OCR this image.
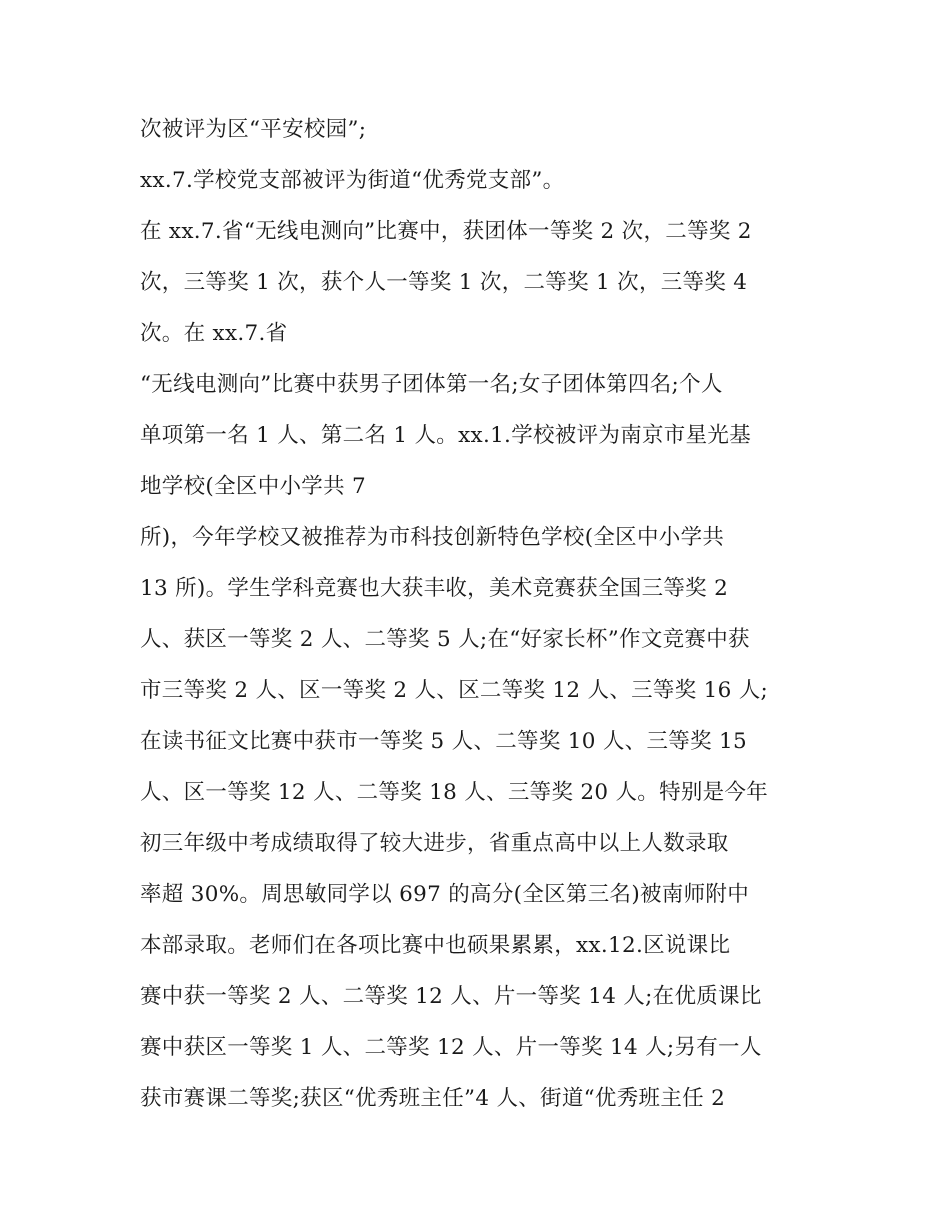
次被评为区“平安校园”;
xx.7.学校党支部被评为街道“优秀党支部”。
在 xx.7.省“无线电测向”比赛中，获团体一等奖 2 次，二等奖 2
次，三等奖 1 次，获个人一等奖 1 次，二等奖 1 次，三等奖 4
次。在 xx.7.省
“无线电测向”比赛中获男子团体第一名;女子团体第四名;个人
单项第一名 1 人、第二名 1 人。xx.1.学校被评为南京市星光基
地学校(全区中小学共 7
所)，今年学校又被推荐为市科技创新特色学校(全区中小学共
13 所)。学生学科竞赛也大获丰收，美术竞赛获全国三等奖 2
人、获区一等奖 2 人、二等奖 5 人;在“好家长杯”作文竞赛中获
市三等奖 2 人、区一等奖 2 人、区二等奖 12 人、三等奖 16 人;
在读书征文比赛中获市一等奖 5 人、二等奖 10 人、三等奖 15
人、区一等奖 12 人、二等奖 18 人、三等奖 20 人。特别是今年
初三年级中考成绩取得了较大进步，省重点高中以上人数录取
率超 30%。周思敏同学以 697 的高分(全区第三名)被南师附中
本部录取。老师们在各项比赛中也硕果累累，xx.12.区说课比
赛中获一等奖 2 人、二等奖 12 人、片一等奖 14 人;在优质课比
赛中获区一等奖 1 人、二等奖 12 人、片一等奖 14 人;另有一人
获市赛课二等奖;获区“优秀班主任”4 人、街道“优秀班主任 2
